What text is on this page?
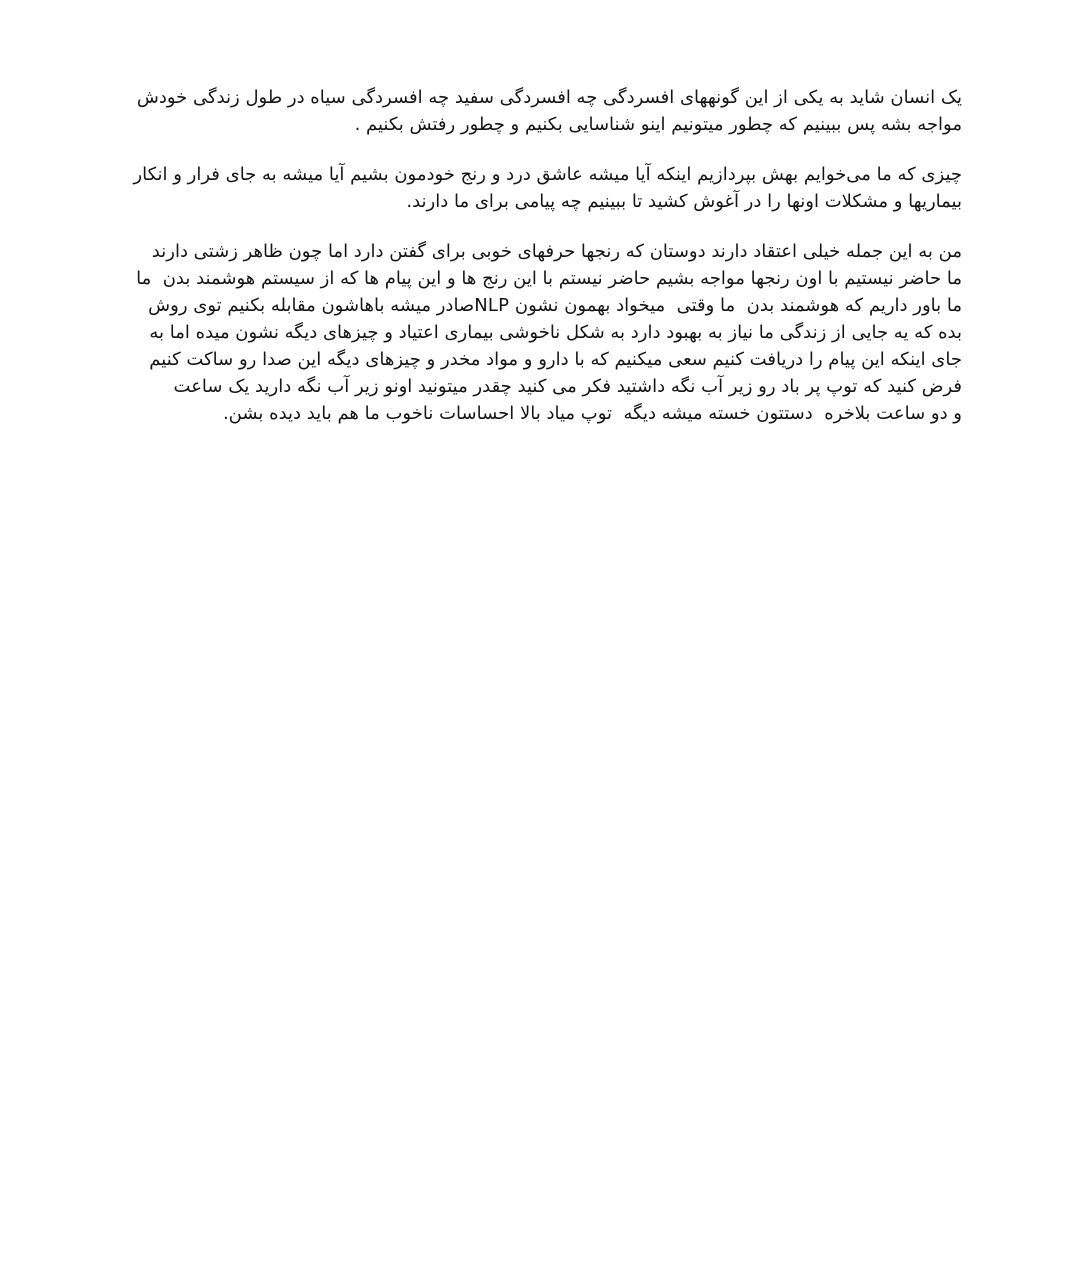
یک انسان شاید به یکی از این گونههای افسردگی چه افسردگی سفید چه افسردگی سیاه در طول زندگی خودش
مواجه بشه پس ببینیم که چطور میتونیم اینو شناسایی بکنیم و چطور رفتش بکنیم .
چیزی که ما می‌خوایم بهش بپردازیم اینکه آیا میشه عاشق درد و رنج خودمون بشیم آیا میشه به جای فرار و انکار
بیماریها و مشکلات اونها را در آغوش کشید تا ببینیم چه پیامی برای ما دارند.
من به این جمله خیلی اعتقاد دارند دوستان که رنجها حرفهای خوبی برای گفتن دارد اما چون ظاهر زشتی دارند
ما حاضر نیستیم با اون رنجها مواجه بشیم حاضر نیستم با این رنج ها و این پیام ها که از سیستم هوشمند بدن  ما
ما باور داریم که هوشمند بدن  ما وقتی  میخواد بهمون نشون NLPصادر میشه باهاشون مقابله بکنیم توی روش
بده که یه جایی از زندگی ما نیاز به بهبود دارد به شکل ناخوشی بیماری اعتیاد و چیزهای دیگه نشون میده اما به
جای اینکه این پیام را دریافت کنیم سعی میکنیم که با دارو و مواد مخدر و چیزهای دیگه این صدا رو ساکت کنیم
فرض کنید که توپ پر باد رو زیر آب نگه داشتید فکر می کنید چقدر میتونید اونو زیر آب نگه دارید یک ساعت
و دو ساعت بلاخره  دستتون خسته میشه دیگه  توپ میاد بالا احساسات ناخوب ما هم باید دیده بشن.
